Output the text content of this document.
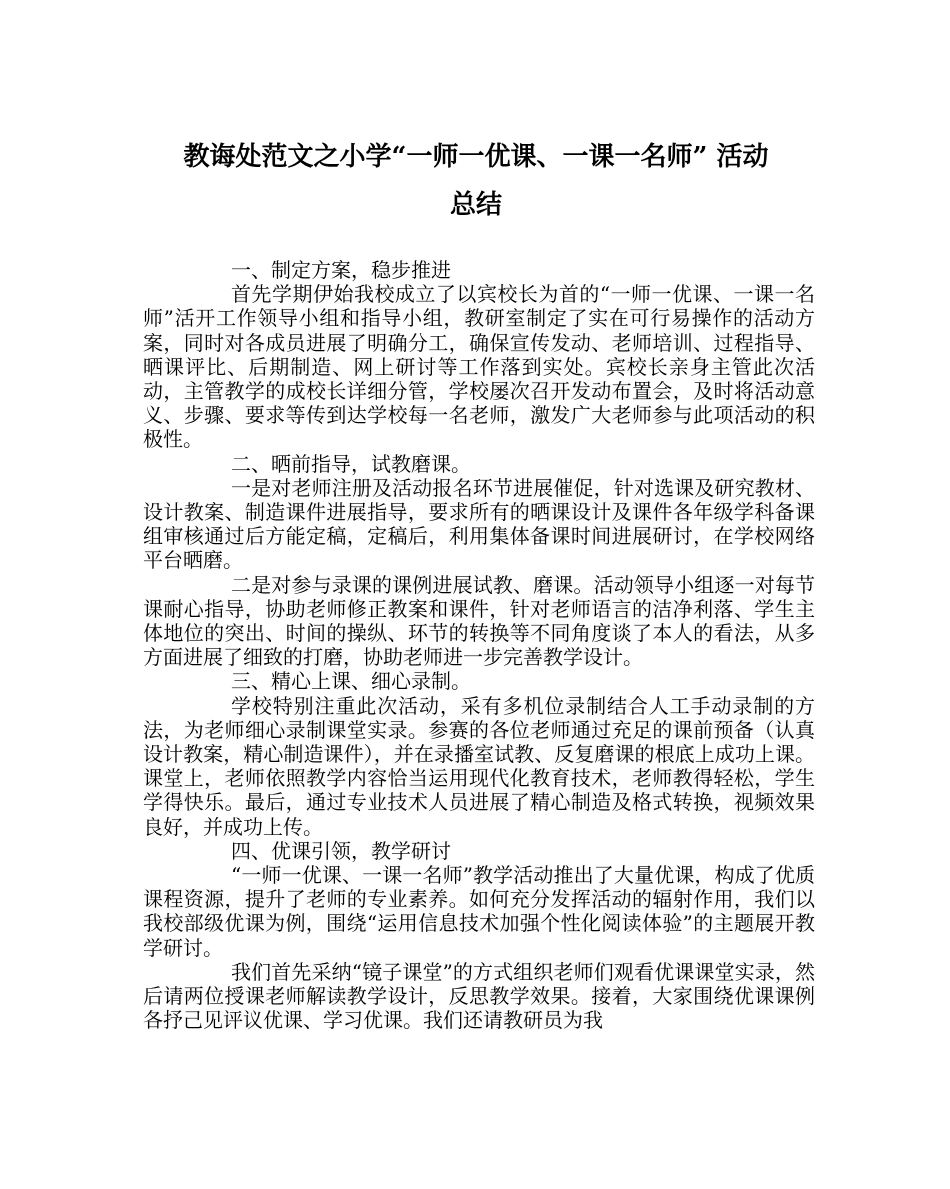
教诲处范文之小学“一师一优课、一课一名师” 活动
总结

一、制定方案，稳步推进

首先学期伊始我校成立了以宾校长为首的“一师一优课、一课一名师”活开工作领导小组和指导小组，教研室制定了实在可行易操作的活动方案，同时对各成员进展了明确分工，确保宣传发动、老师培训、过程指导、晒课评比、后期制造、网上研讨等工作落到实处。宾校长亲身主管此次活动，主管教学的成校长详细分管，学校屡次召开发动布置会，及时将活动意义、步骤、要求等传到达学校每一名老师，激发广大老师参与此项活动的积极性。

二、晒前指导，试教磨课。

一是对老师注册及活动报名环节进展催促，针对选课及研究教材、设计教案、制造课件进展指导，要求所有的晒课设计及课件各年级学科备课组审核通过后方能定稿，定稿后，利用集体备课时间进展研讨，在学校网络平台晒磨。

二是对参与录课的课例进展试教、磨课。活动领导小组逐一对每节课耐心指导，协助老师修正教案和课件，针对老师语言的洁净利落、学生主体地位的突出、时间的操纵、环节的转换等不同角度谈了本人的看法，从多方面进展了细致的打磨，协助老师进一步完善教学设计。

三、精心上课、细心录制。

学校特别注重此次活动，采有多机位录制结合人工手动录制的方法，为老师细心录制课堂实录。参赛的各位老师通过充足的课前预备（认真设计教案，精心制造课件），并在录播室试教、反复磨课的根底上成功上课。课堂上，老师依照教学内容恰当运用现代化教育技术，老师教得轻松，学生学得快乐。最后，通过专业技术人员进展了精心制造及格式转换，视频效果良好，并成功上传。

四、优课引领，教学研讨

“一师一优课、一课一名师”教学活动推出了大量优课，构成了优质课程资源，提升了老师的专业素养。如何充分发挥活动的辐射作用，我们以我校部级优课为例，围绕“运用信息技术加强个性化阅读体验”的主题展开教学研讨。

我们首先采纳“镜子课堂”的方式组织老师们观看优课课堂实录，然后请两位授课老师解读教学设计，反思教学效果。接着，大家围绕优课课例各抒己见评议优课、学习优课。我们还请教研员为我
